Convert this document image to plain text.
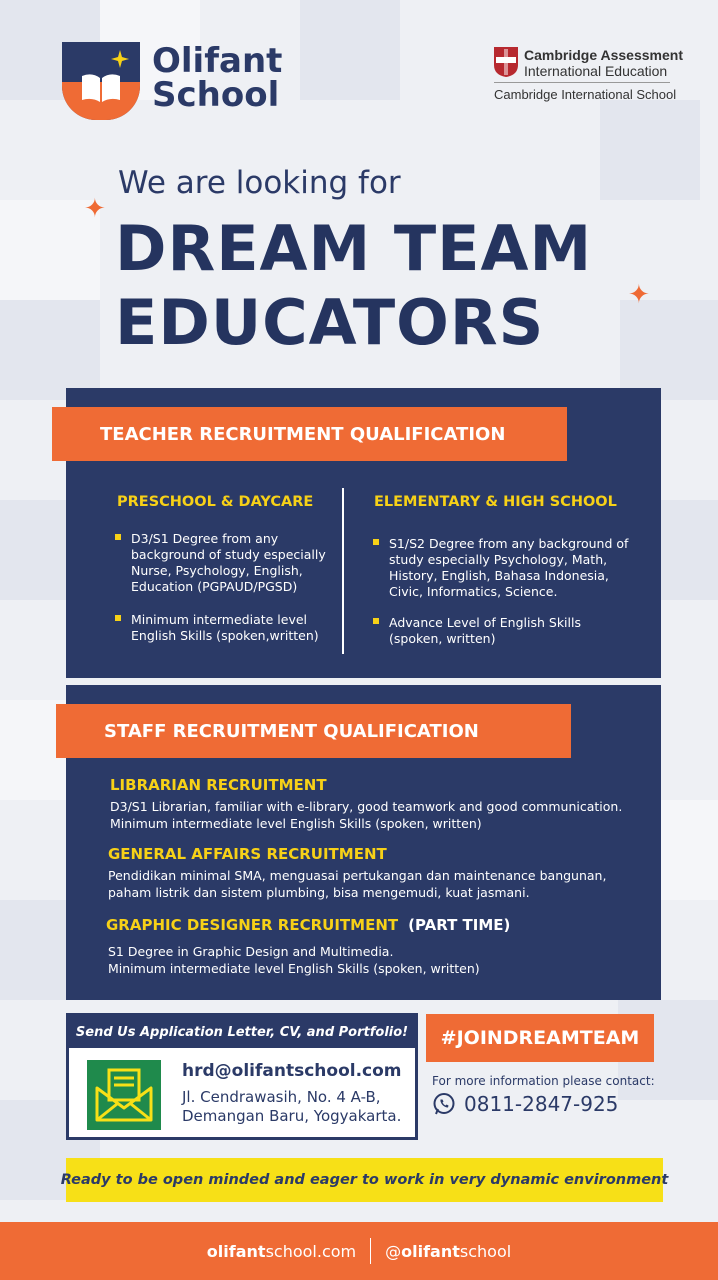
Olifant
School
Cambridge Assessment
International Education
Cambridge International School
We are looking for
✦
DREAM TEAM
EDUCATORS	✦
TEACHER RECRUITMENT QUALIFICATION
PRESCHOOL & DAYCARE
D3/S1 Degree from any background of study especially Nurse, Psychology, English, Education (PGPAUD/PGSD)
Minimum intermediate level English Skills (spoken,written)
ELEMENTARY & HIGH SCHOOL
S1/S2 Degree from any background of study especially Psychology, Math, History, English, Bahasa Indonesia, Civic, Informatics, Science.
Advance Level of English Skills (spoken, written)
STAFF RECRUITMENT QUALIFICATION
LIBRARIAN RECRUITMENT
D3/S1 Librarian, familiar with e-library, good teamwork and good communication.
Minimum intermediate level English Skills (spoken, written)
GENERAL AFFAIRS RECRUITMENT
Pendidikan minimal SMA, menguasai pertukangan dan maintenance bangunan,
paham listrik dan sistem plumbing, bisa mengemudi, kuat jasmani.
GRAPHIC DESIGNER RECRUITMENT (PART TIME)
S1 Degree in Graphic Design and Multimedia.
Minimum intermediate level English Skills (spoken, written)
Send Us Application Letter, CV, and Portfolio!
hrd@olifantschool.com
Jl. Cendrawasih, No. 4 A-B,
Demangan Baru, Yogyakarta.
#JOINDREAMTEAM
For more information please contact:
0811-2847-925
Ready to be open minded and eager to work in very dynamic environment
olifantschool.com @olifantschool
